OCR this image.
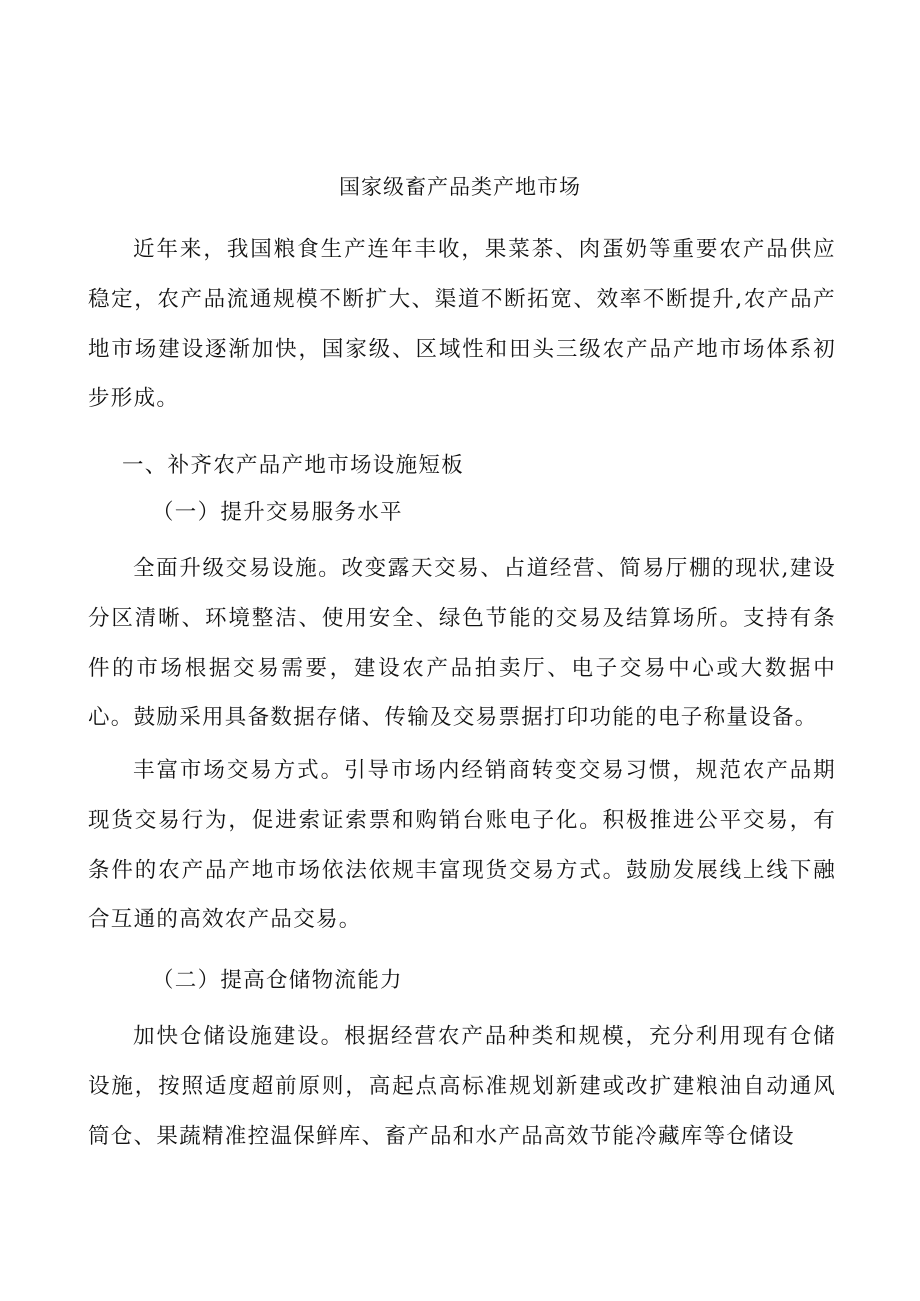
国家级畜产品类产地市场

近年来，我国粮食生产连年丰收，果菜茶、肉蛋奶等重要农产品供应稳定，农产品流通规模不断扩大、渠道不断拓宽、效率不断提升,农产品产地市场建设逐渐加快，国家级、区域性和田头三级农产品产地市场体系初步形成。

一、补齐农产品产地市场设施短板

（一）提升交易服务水平

全面升级交易设施。改变露天交易、占道经营、简易厅棚的现状,建设分区清晰、环境整洁、使用安全、绿色节能的交易及结算场所。支持有条件的市场根据交易需要，建设农产品拍卖厅、电子交易中心或大数据中心。鼓励采用具备数据存储、传输及交易票据打印功能的电子称量设备。

丰富市场交易方式。引导市场内经销商转变交易习惯，规范农产品期现货交易行为，促进索证索票和购销台账电子化。积极推进公平交易，有条件的农产品产地市场依法依规丰富现货交易方式。鼓励发展线上线下融合互通的高效农产品交易。

（二）提高仓储物流能力

加快仓储设施建设。根据经营农产品种类和规模，充分利用现有仓储设施，按照适度超前原则，高起点高标准规划新建或改扩建粮油自动通风筒仓、果蔬精准控温保鲜库、畜产品和水产品高效节能冷藏库等仓储设
